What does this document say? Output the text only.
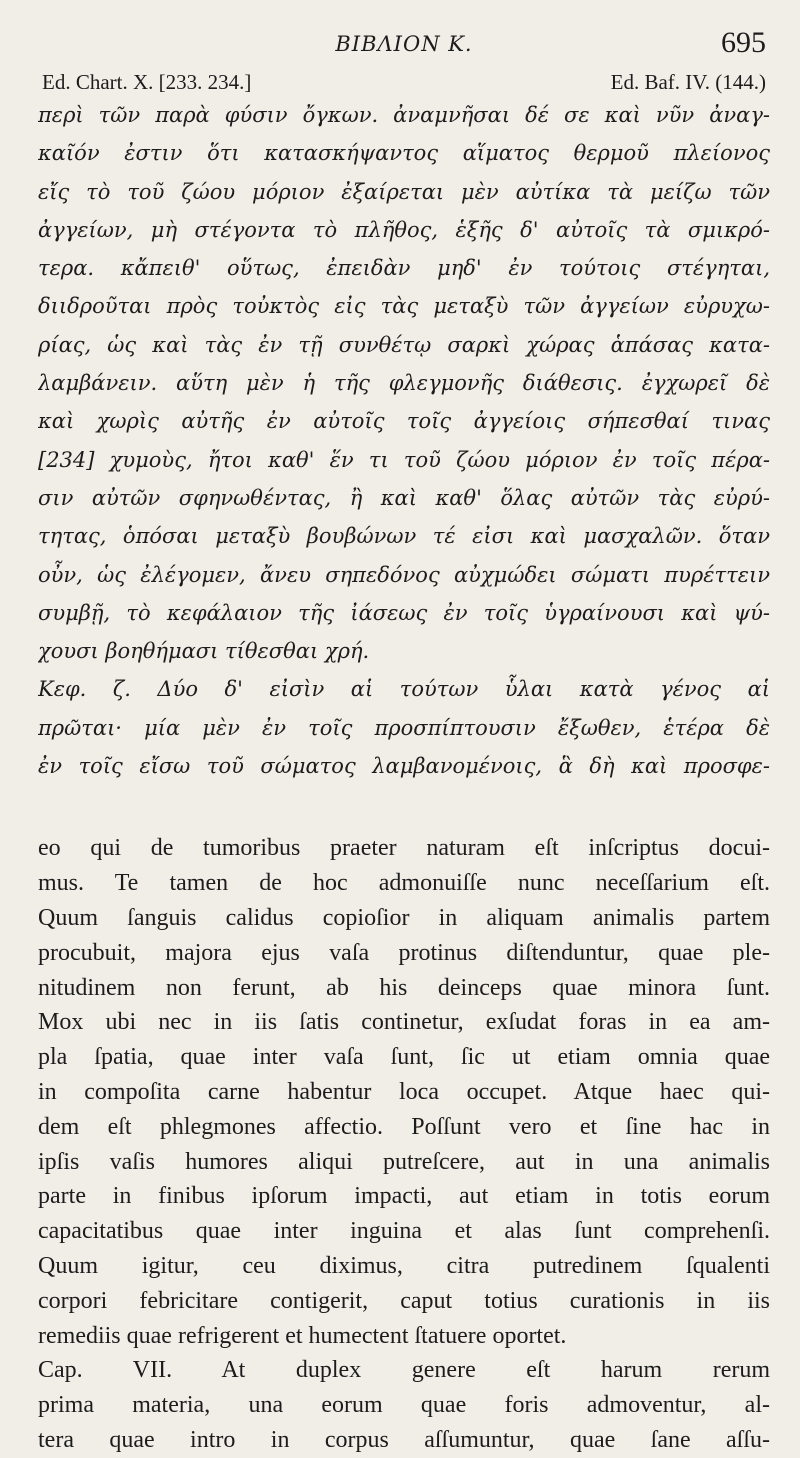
BIBΛΙΟΝ Κ.	695
Ed. Chart. X. [233. 234.]	Ed. Baf. IV. (144.)
περὶ τῶν παρὰ φύσιν ὄγκων. ἀναμνῆσαι δέ σε καὶ νῦν ἀναγ-
καῖόν ἐστιν ὅτι κατασκήψαντος αἵματος θερμοῦ πλείονος
εἴς τὸ τοῦ ζώου μόριον ἐξαίρεται μὲν αὐτίκα τὰ μείζω τῶν
ἀγγείων, μὴ στέγοντα τὸ πλῆθος, ἑξῆς δ' αὐτοῖς τὰ σμικρό-
τερα. κἄπειθ' οὕτως, ἐπειδὰν μηδ' ἐν τούτοις στέγηται,
διιδροῦται πρὸς τοὐκτὸς εἰς τὰς μεταξὺ τῶν ἀγγείων εὐρυχω-
ρίας, ὡς καὶ τὰς ἐν τῇ συνθέτῳ σαρκὶ χώρας ἁπάσας κατα-
λαμβάνειν. αὕτη μὲν ἡ τῆς φλεγμονῆς διάθεσις. ἐγχωρεῖ δὲ
καὶ χωρὶς αὐτῆς ἐν αὐτοῖς τοῖς ἀγγείοις σήπεσθαί τινας
[234] χυμοὺς, ἤτοι καθ' ἕν τι τοῦ ζώου μόριον ἐν τοῖς πέρα-
σιν αὐτῶν σφηνωθέντας, ἢ καὶ καθ' ὅλας αὐτῶν τὰς εὐρύ-
τητας, ὁπόσαι μεταξὺ βουβώνων τέ εἰσι καὶ μασχαλῶν. ὅταν
οὖν, ὡς ἐλέγομεν, ἄνευ σηπεδόνος αὐχμώδει σώματι πυρέττειν
συμβῇ, τὸ κεφάλαιον τῆς ἰάσεως ἐν τοῖς ὑγραίνουσι καὶ ψύ-
χουσι βοηθήμασι τίθεσθαι χρή.
Κεφ. ζ. Δύο δ' εἰσὶν αἱ τούτων ὗλαι κατὰ γένος αἱ
πρῶται· μία μὲν ἐν τοῖς προσπίπτουσιν ἔξωθεν, ἑτέρα δὲ
ἐν τοῖς εἴσω τοῦ σώματος λαμβανομένοις, ἃ δὴ καὶ προσφε-
eo qui de tumoribus praeter naturam eſt inſcriptus docui-
mus. Te tamen de hoc admonuiſſe nunc neceſſarium eſt.
Quum ſanguis calidus copioſior in aliquam animalis partem
procubuit, majora ejus vaſa protinus diſtenduntur, quae ple-
nitudinem non ferunt, ab his deinceps quae minora ſunt.
Mox ubi nec in iis ſatis continetur, exſudat foras in ea am-
pla ſpatia, quae inter vaſa ſunt, ſic ut etiam omnia quae
in compoſita carne habentur loca occupet. Atque haec qui-
dem eſt phlegmones affectio. Poſſunt vero et ſine hac in
ipſis vaſis humores aliqui putreſcere, aut in una animalis
parte in finibus ipſorum impacti, aut etiam in totis eorum
capacitatibus quae inter inguina et alas ſunt comprehenſi.
Quum igitur, ceu diximus, citra putredinem ſqualenti
corpori febricitare contigerit, caput totius curationis in iis
remediis quae refrigerent et humectent ſtatuere oportet.
Cap. VII. At duplex genere eſt harum rerum
prima materia, una eorum quae foris admoventur, al-
tera quae intro in corpus aſſumuntur, quae ſane aſſu-
